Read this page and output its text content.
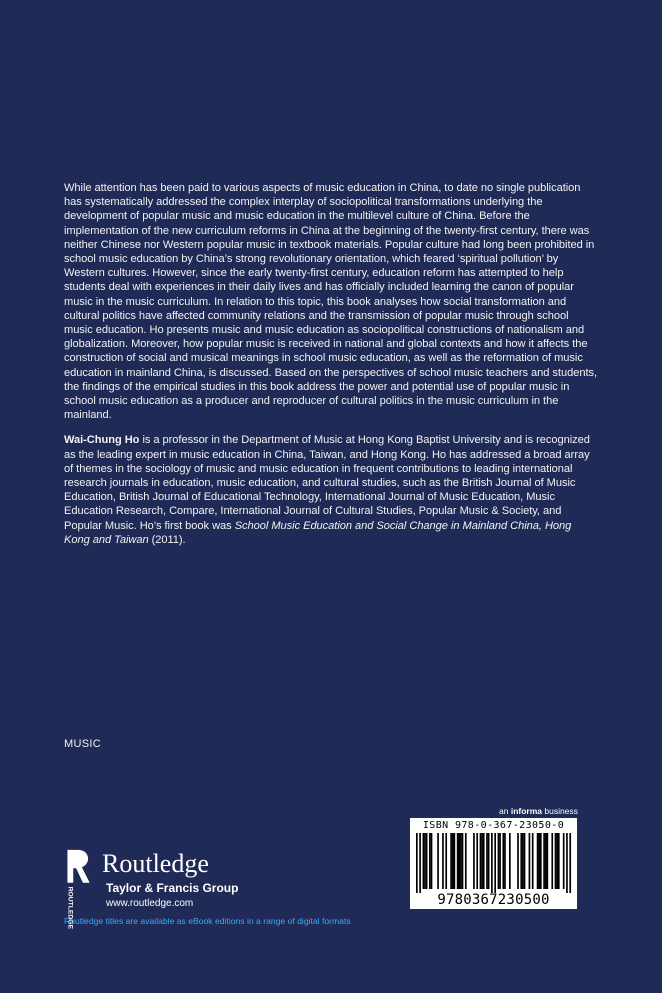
While attention has been paid to various aspects of music education in China, to date no single publication has systematically addressed the complex interplay of sociopolitical transformations underlying the development of popular music and music education in the multilevel culture of China. Before the implementation of the new curriculum reforms in China at the beginning of the twenty-first century, there was neither Chinese nor Western popular music in textbook materials. Popular culture had long been prohibited in school music education by China’s strong revolutionary orientation, which feared ‘spiritual pollution’ by Western cultures. However, since the early twenty-first century, education reform has attempted to help students deal with experiences in their daily lives and has officially included learning the canon of popular music in the music curriculum. In relation to this topic, this book analyses how social transformation and cultural politics have affected community relations and the transmission of popular music through school music education. Ho presents music and music education as sociopolitical constructions of nationalism and globalization. Moreover, how popular music is received in national and global contexts and how it affects the construction of social and musical meanings in school music education, as well as the reformation of music education in mainland China, is discussed. Based on the perspectives of school music teachers and students, the findings of the empirical studies in this book address the power and potential use of popular music in school music education as a producer and reproducer of cultural politics in the music curriculum in the mainland.

Wai-Chung Ho is a professor in the Department of Music at Hong Kong Baptist University and is recognized as the leading expert in music education in China, Taiwan, and Hong Kong. Ho has addressed a broad array of themes in the sociology of music and music education in frequent contributions to leading international research journals in education, music education, and cultural studies, such as the British Journal of Music Education, British Journal of Educational Technology, International Journal of Music Education, Music Education Research, Compare, International Journal of Cultural Studies, Popular Music & Society, and Popular Music. Ho’s first book was School Music Education and Social Change in Mainland China, Hong Kong and Taiwan (2011).

MUSIC
ROUTLEDGE
Routledge
Taylor & Francis Group
www.routledge.com
Routledge titles are available as eBook editions in a range of digital formats
an informa business
ISBN 978-0-367-23050-0
9780367230500
